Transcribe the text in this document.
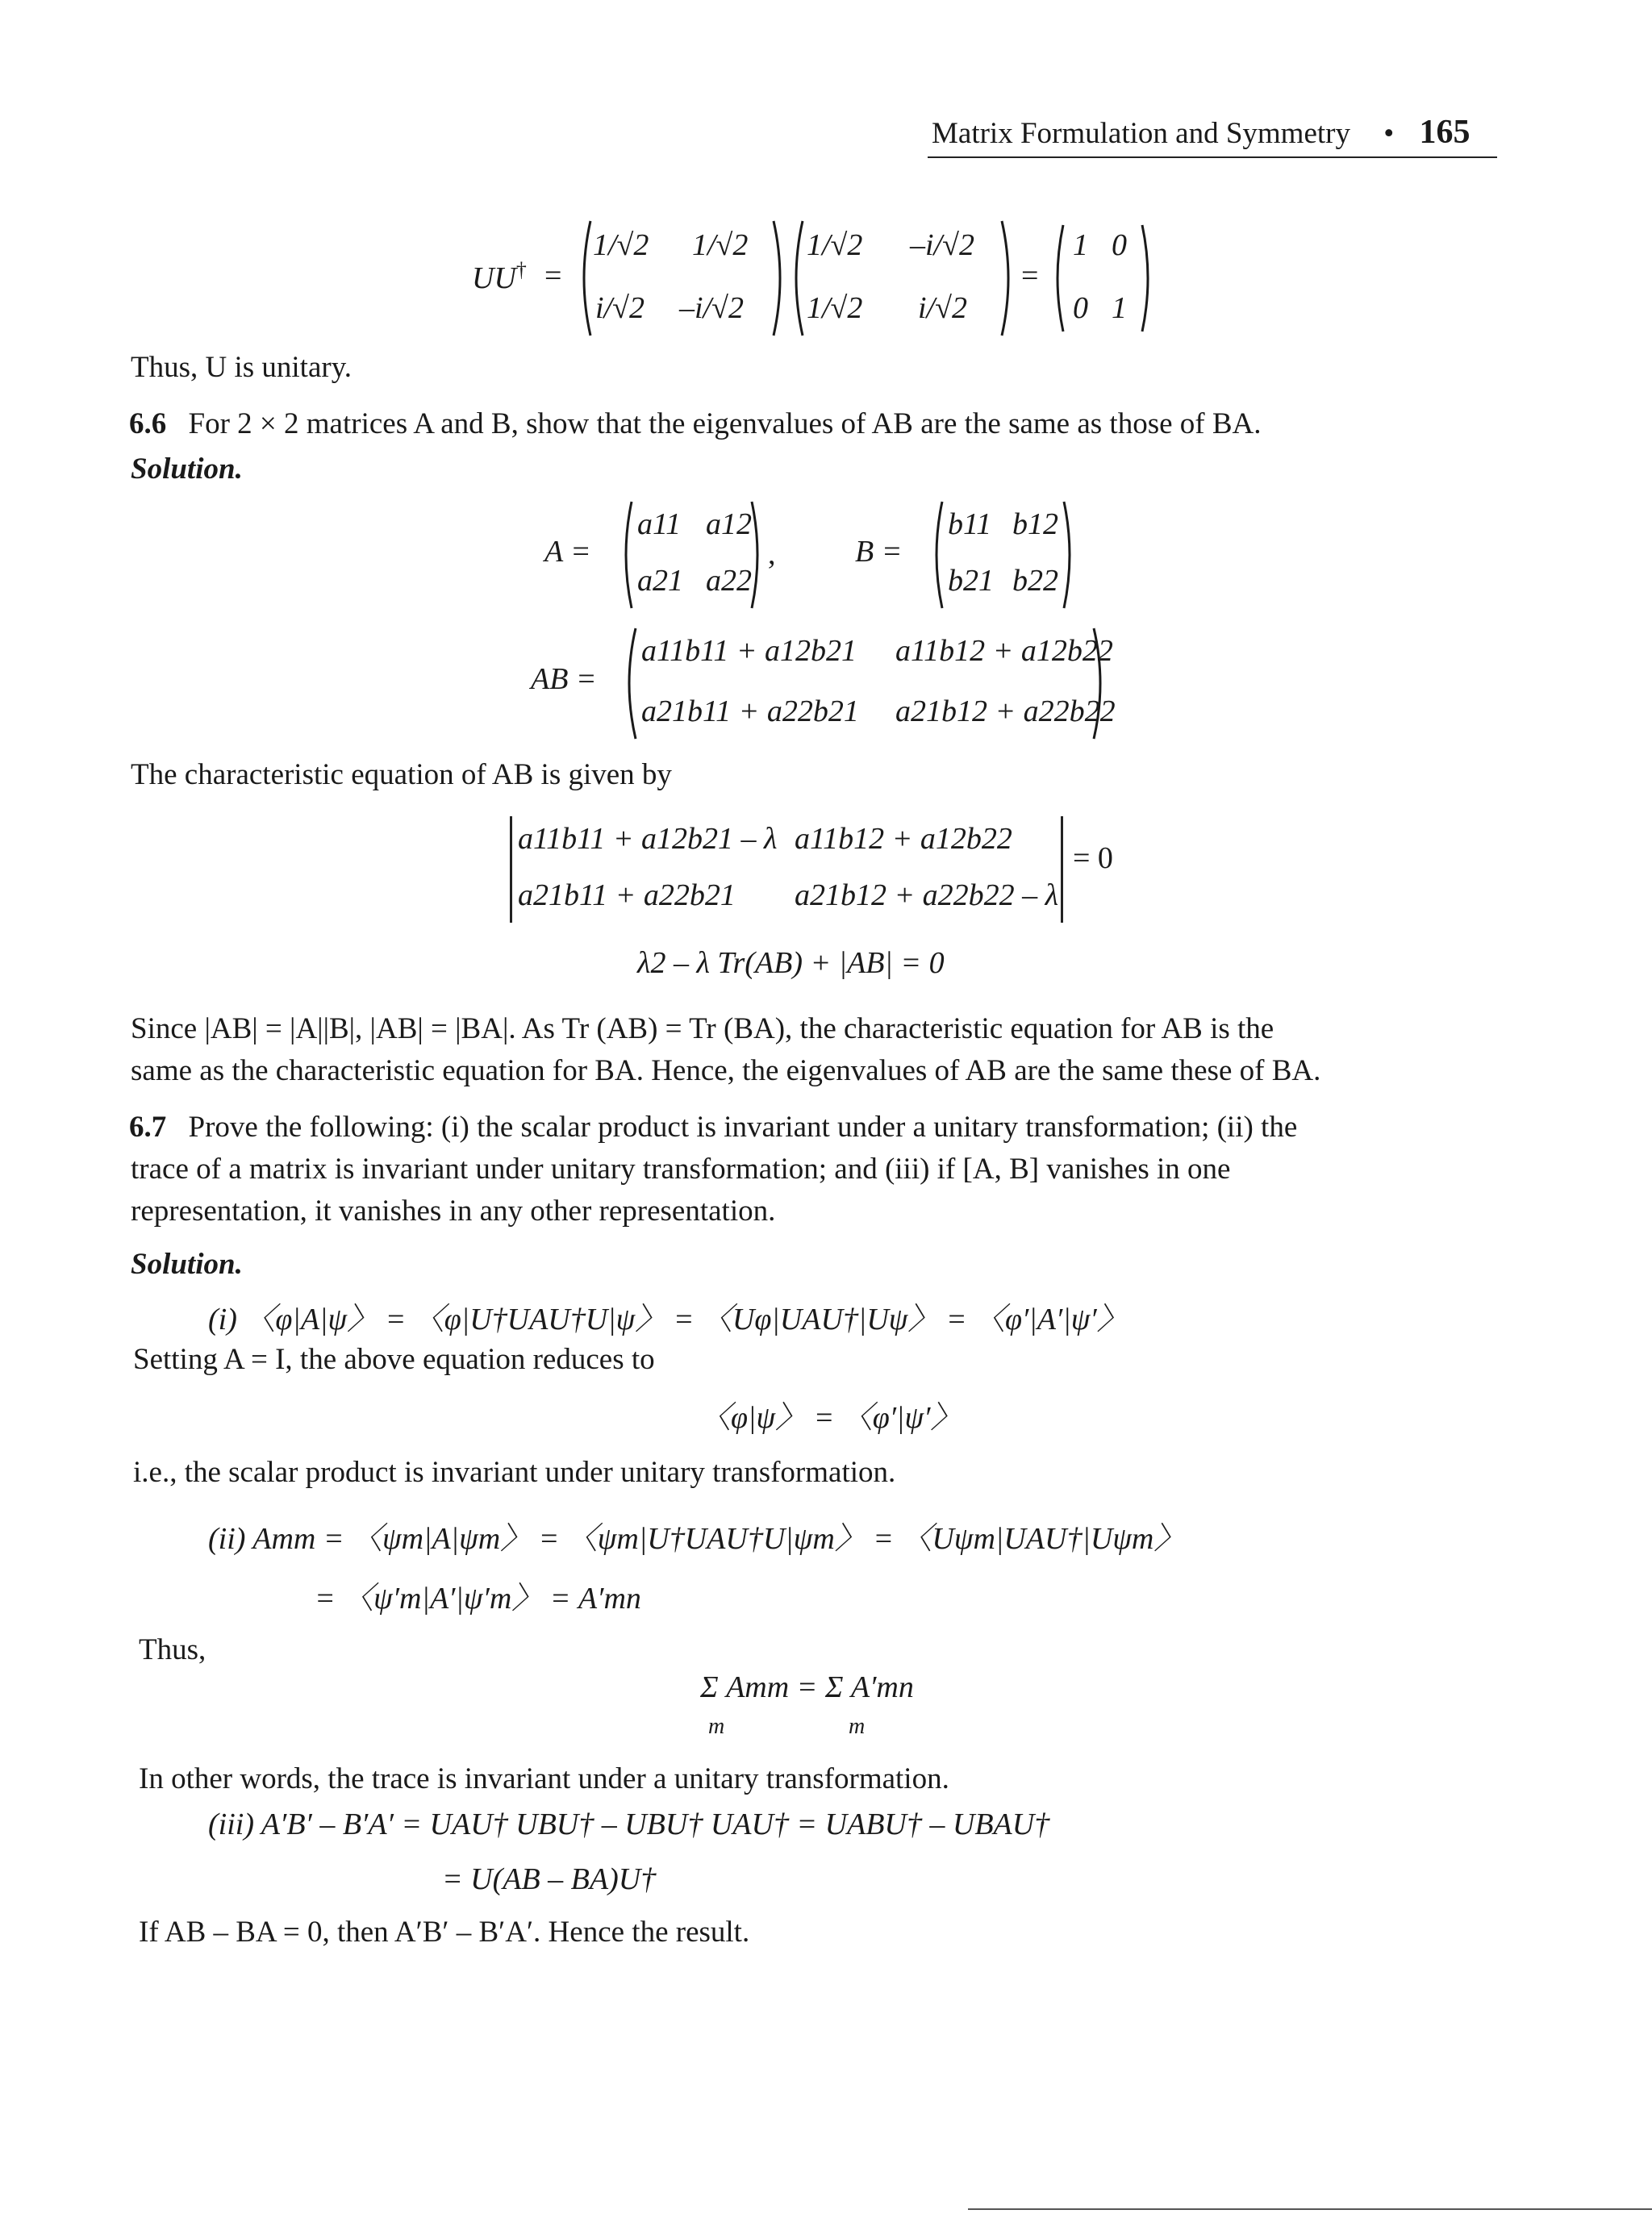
Matrix Formulation and Symmetry • 165
UU† =
1/√2 1/√2
i/√2 –i/√2
1/√2 –i/√2
1/√2 i/√2
=
1 0
0 1
Thus, U is unitary.
6.6 For 2 × 2 matrices A and B, show that the eigenvalues of AB are the same as those of BA.
Solution.
A =
a11 a12
a21 a22
,	B =
b11 b12
b21 b22
AB =
a11b11 + a12b21 a11b12 + a12b22
a21b11 + a22b21 a21b12 + a22b22
The characteristic equation of AB is given by
a11b11 + a12b21 – λ a11b12 + a12b22
a21b11 + a22b21 a21b12 + a22b22 – λ
= 0
λ2 – λ Tr(AB) + |AB| = 0
Since |AB| = |A||B|, |AB| = |BA|. As Tr (AB) = Tr (BA), the characteristic equation for AB is the
same as the characteristic equation for BA. Hence, the eigenvalues of AB are the same these of BA.
6.7 Prove the following: (i) the scalar product is invariant under a unitary transformation; (ii) the
trace of a matrix is invariant under unitary transformation; and (iii) if [A, B] vanishes in one
representation, it vanishes in any other representation.
Solution.
(i) 〈φ|A|ψ〉 = 〈φ|U†UAU†U|ψ〉 = 〈Uφ|UAU†|Uψ〉 = 〈φ′|A′|ψ′〉
Setting A = I, the above equation reduces to
〈φ|ψ〉 = 〈φ′|ψ′〉
i.e., the scalar product is invariant under unitary transformation.
(ii) Amm = 〈ψm|A|ψm〉 = 〈ψm|U†UAU†U|ψm〉 = 〈Uψm|UAU†|Uψm〉
= 〈ψ′m|A′|ψ′m〉 = A′mn
Thus,
Σ Amm = Σ A′mn
m	m
In other words, the trace is invariant under a unitary transformation.
(iii) A′B′ – B′A′ = UAU† UBU† – UBU† UAU† = UABU† – UBAU†
= U(AB – BA)U†
If AB – BA = 0, then A′B′ – B′A′. Hence the result.
